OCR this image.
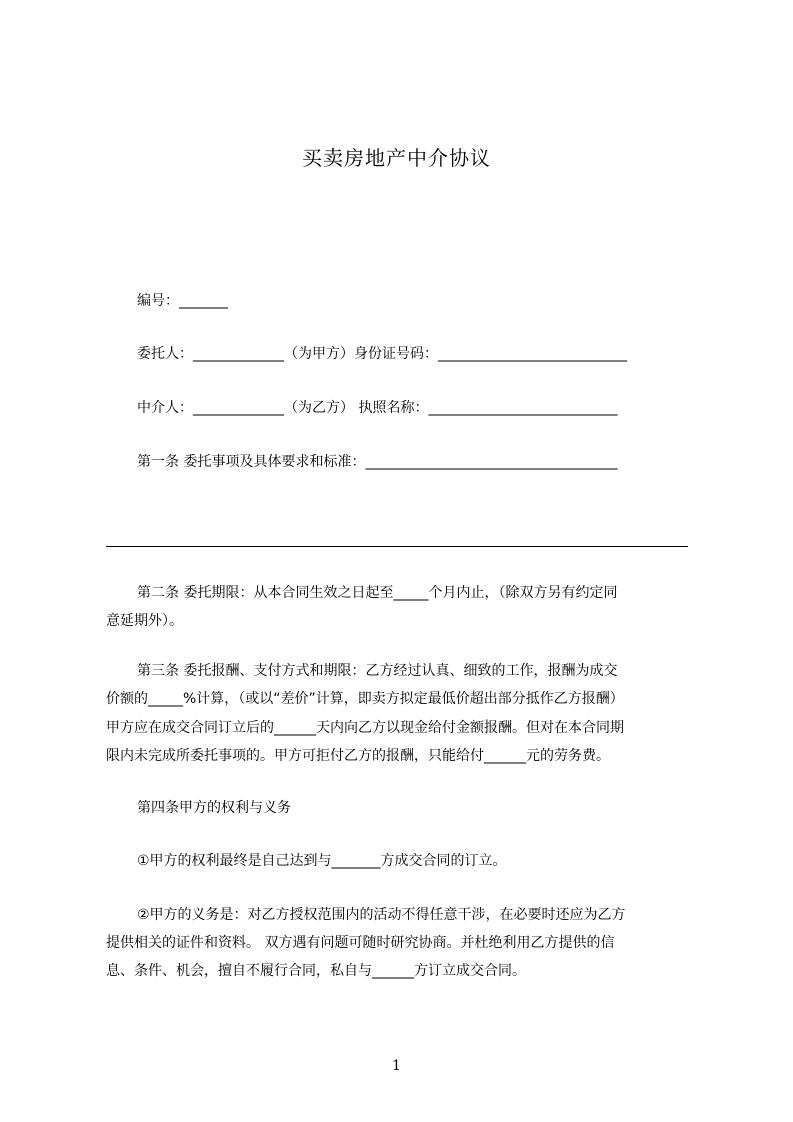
买卖房地产中介协议
编号：_______
委托人：_____________（为甲方）身份证号码：___________________________
中介人：_____________（为乙方） 执照名称：___________________________
第一条 委托事项及具体要求和标准：____________________________________
第二条 委托期限：从本合同生效之日起至_____个月内止，（除双方另有约定同
意延期外）。
第三条 委托报酬、支付方式和期限：乙方经过认真、细致的工作，报酬为成交
价额的_____%计算，（或以“差价”计算，即卖方拟定最低价超出部分抵作乙方报酬）
甲方应在成交合同订立后的______天内向乙方以现金给付金额报酬。但对在本合同期
限内未完成所委托事项的。甲方可拒付乙方的报酬，只能给付______元的劳务费。
第四条甲方的权利与义务
①甲方的权利最终是自己达到与_______方成交合同的订立。
②甲方的义务是：对乙方授权范围内的活动不得任意干涉，在必要时还应为乙方
提供相关的证件和资料。 双方遇有问题可随时研究协商。并杜绝利用乙方提供的信
息、条件、机会，擅自不履行合同，私自与______方订立成交合同。
1
